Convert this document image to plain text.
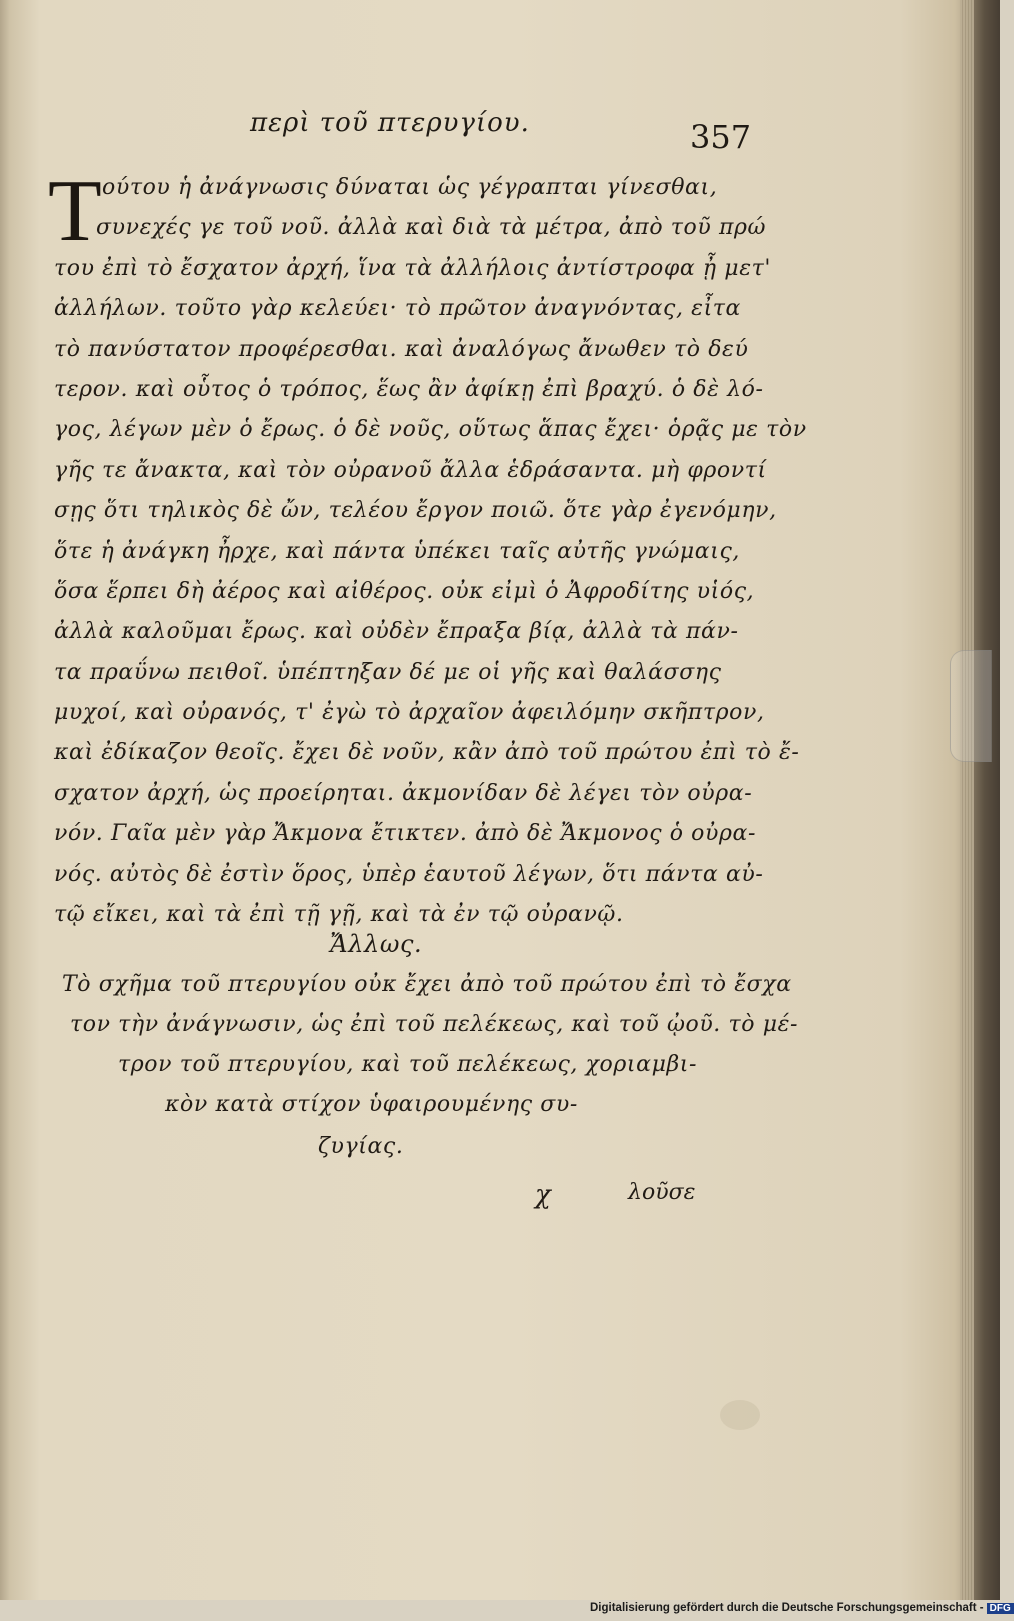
περὶ τοῦ πτερυγίου.	357
T ούτου ἡ ἀνάγνωσις δύναται ὡς γέγραπται γίνεσθαι,
συνεχές γε τοῦ νοῦ. ἀλλὰ καὶ διὰ τὰ μέτρα, ἀπὸ τοῦ πρώ
του ἐπὶ τὸ ἔσχατον ἀρχή, ἵνα τὰ ἀλλήλοις ἀντίστροφα ᾖ μετ'
ἀλλήλων. τοῦτο γὰρ κελεύει· τὸ πρῶτον ἀναγνόντας, εἶτα
τὸ πανύστατον προφέρεσθαι. καὶ ἀναλόγως ἄνωθεν τὸ δεύ
τερον. καὶ οὗτος ὁ τρόπος, ἕως ἂν ἀφίκῃ ἐπὶ βραχύ. ὁ δὲ λό-
γος, λέγων μὲν ὁ ἔρως. ὁ δὲ νοῦς, οὕτως ἅπας ἔχει· ὁρᾷς με τὸν
γῆς τε ἄνακτα, καὶ τὸν οὐρανοῦ ἄλλα ἑδράσαντα. μὴ φροντί
σῃς ὅτι τηλικὸς δὲ ὤν, τελέου ἔργον ποιῶ. ὅτε γὰρ ἐγενόμην,
ὅτε ἡ ἀνάγκη ἦρχε, καὶ πάντα ὑπέκει ταῖς αὐτῆς γνώμαις,
ὅσα ἕρπει δὴ ἀέρος καὶ αἰθέρος. οὐκ εἰμὶ ὁ Ἀφροδίτης υἱός,
ἀλλὰ καλοῦμαι ἔρως. καὶ οὐδὲν ἔπραξα βίᾳ, ἀλλὰ τὰ πάν-
τα πραΰνω πειθοῖ. ὑπέπτηξαν δέ με οἱ γῆς καὶ θαλάσσης
μυχοί, καὶ οὐρανός, τ' ἐγὼ τὸ ἀρχαῖον ἀφειλόμην σκῆπτρον,
καὶ ἐδίκαζον θεοῖς. ἔχει δὲ νοῦν, κἂν ἀπὸ τοῦ πρώτου ἐπὶ τὸ ἔ-
σχατον ἀρχή, ὡς προείρηται. ἀκμονίδαν δὲ λέγει τὸν οὐρα-
νόν. Γαῖα μὲν γὰρ Ἄκμονα ἔτικτεν. ἀπὸ δὲ Ἄκμονος ὁ οὐρα-
νός. αὐτὸς δὲ ἐστὶν ὅρος, ὑπὲρ ἑαυτοῦ λέγων, ὅτι πάντα αὐ-
τῷ εἴκει, καὶ τὰ ἐπὶ τῇ γῇ, καὶ τὰ ἐν τῷ οὐρανῷ.
Ἄλλως.
Τὸ σχῆμα τοῦ πτερυγίου οὐκ ἔχει ἀπὸ τοῦ πρώτου ἐπὶ τὸ ἔσχα
τον τὴν ἀνάγνωσιν, ὡς ἐπὶ τοῦ πελέκεως, καὶ τοῦ ᾠοῦ. τὸ μέ-
τρον τοῦ πτερυγίου, καὶ τοῦ πελέκεως, χοριαμβι-
κὸν κατὰ στίχον ὑφαιρουμένης συ-
ζυγίας.
χ	λοῦσε
Digitalisierung gefördert durch die Deutsche Forschungsgemeinschaft - DFG
